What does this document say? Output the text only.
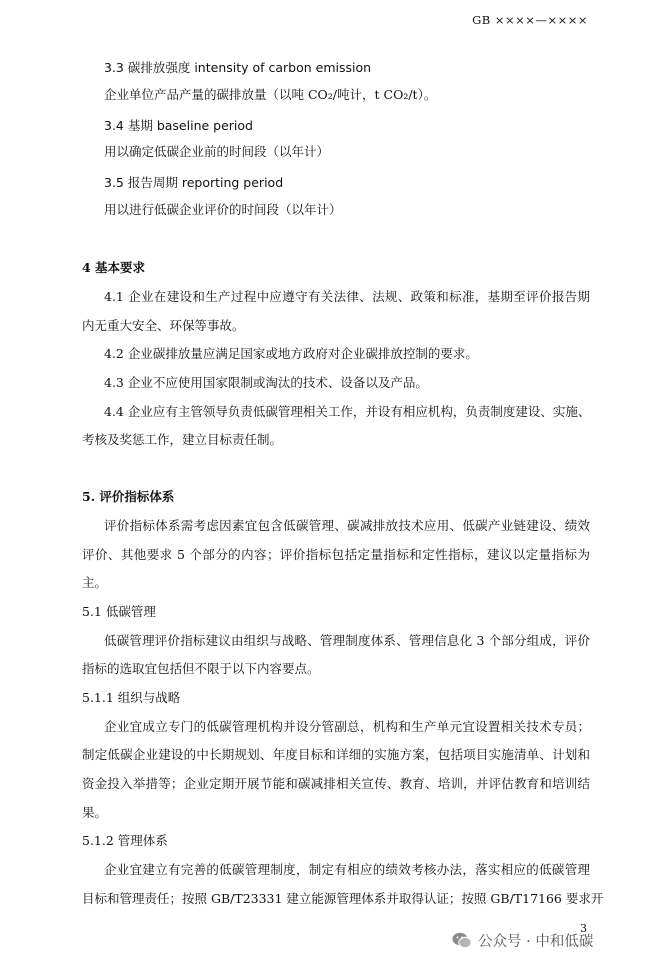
GB ××××—××××
3.3 碳排放强度 intensity of carbon emission
企业单位产品产量的碳排放量（以吨 CO₂/吨计，t CO₂/t）。
3.4 基期 baseline period
用以确定低碳企业前的时间段（以年计）
3.5 报告周期 reporting period
用以进行低碳企业评价的时间段（以年计）
4 基本要求
4.1 企业在建设和生产过程中应遵守有关法律、法规、政策和标准，基期至评价报告期
内无重大安全、环保等事故。
4.2 企业碳排放量应满足国家或地方政府对企业碳排放控制的要求。
4.3 企业不应使用国家限制或淘汰的技术、设备以及产品。
4.4 企业应有主管领导负责低碳管理相关工作，并设有相应机构，负责制度建设、实施、
考核及奖惩工作，建立目标责任制。
5. 评价指标体系
评价指标体系需考虑因素宜包含低碳管理、碳减排放技术应用、低碳产业链建设、绩效
评价、其他要求 5 个部分的内容；评价指标包括定量指标和定性指标，建议以定量指标为
主。
5.1 低碳管理
低碳管理评价指标建议由组织与战略、管理制度体系、管理信息化 3 个部分组成，评价
指标的选取宜包括但不限于以下内容要点。
5.1.1 组织与战略
企业宜成立专门的低碳管理机构并设分管副总，机构和生产单元宜设置相关技术专员；
制定低碳企业建设的中长期规划、年度目标和详细的实施方案，包括项目实施清单、计划和
资金投入举措等；企业定期开展节能和碳减排相关宣传、教育、培训，并评估教育和培训结
果。
5.1.2 管理体系
企业宜建立有完善的低碳管理制度，制定有相应的绩效考核办法，落实相应的低碳管理
目标和管理责任；按照 GB/T23331 建立能源管理体系并取得认证；按照 GB/T17166 要求开
3
公众号 · 中和低碳
